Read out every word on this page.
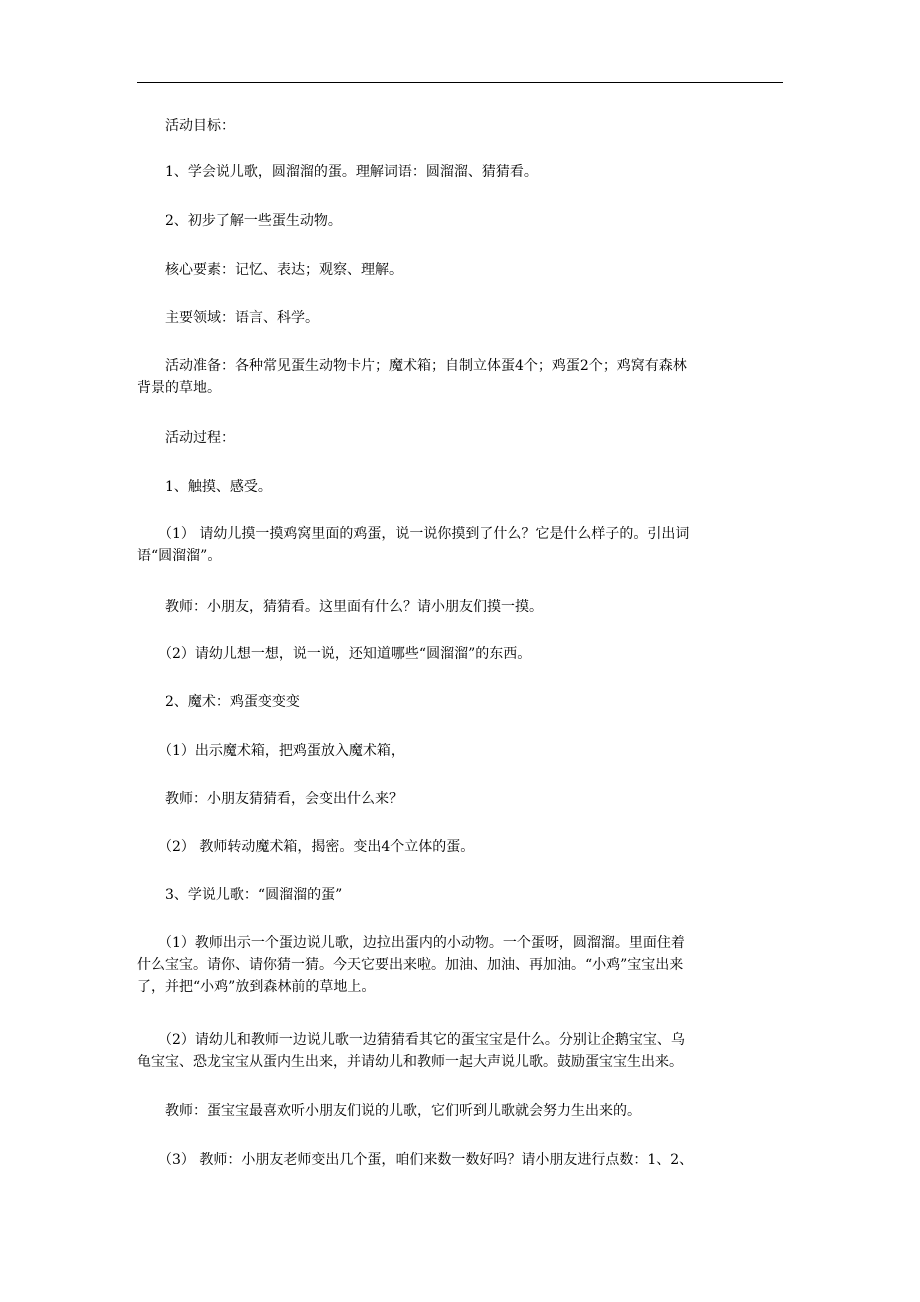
　　活动目标：
　　1、学会说儿歌，圆溜溜的蛋。理解词语：圆溜溜、猜猜看。
　　2、初步了解一些蛋生动物。
　　核心要素：记忆、表达；观察、理解。
　　主要领域：语言、科学。
　　活动准备：各种常见蛋生动物卡片；魔术箱；自制立体蛋4个；鸡蛋2个；鸡窝有森林
背景的草地。
　　活动过程：
　　1、触摸、感受。
　　（1） 请幼儿摸一摸鸡窝里面的鸡蛋，说一说你摸到了什么？它是什么样子的。引出词
语“圆溜溜”。
　　教师：小朋友，猜猜看。这里面有什么？请小朋友们摸一摸。
　　（2）请幼儿想一想，说一说，还知道哪些“圆溜溜”的东西。
　　2、魔术：鸡蛋变变变
　　（1）出示魔术箱，把鸡蛋放入魔术箱，
　　教师：小朋友猜猜看，会变出什么来？
　　（2） 教师转动魔术箱，揭密。变出4个立体的蛋。
　　3、学说儿歌：“圆溜溜的蛋”
　　（1）教师出示一个蛋边说儿歌，边拉出蛋内的小动物。一个蛋呀，圆溜溜。里面住着
什么宝宝。请你、请你猜一猜。今天它要出来啦。加油、加油、再加油。“小鸡”宝宝出来
了，并把“小鸡”放到森林前的草地上。
　　（2）请幼儿和教师一边说儿歌一边猜猜看其它的蛋宝宝是什么。分别让企鹅宝宝、乌
龟宝宝、恐龙宝宝从蛋内生出来，并请幼儿和教师一起大声说儿歌。鼓励蛋宝宝生出来。
　　教师：蛋宝宝最喜欢听小朋友们说的儿歌，它们听到儿歌就会努力生出来的。
　　（3） 教师：小朋友老师变出几个蛋，咱们来数一数好吗？请小朋友进行点数：1、2、
